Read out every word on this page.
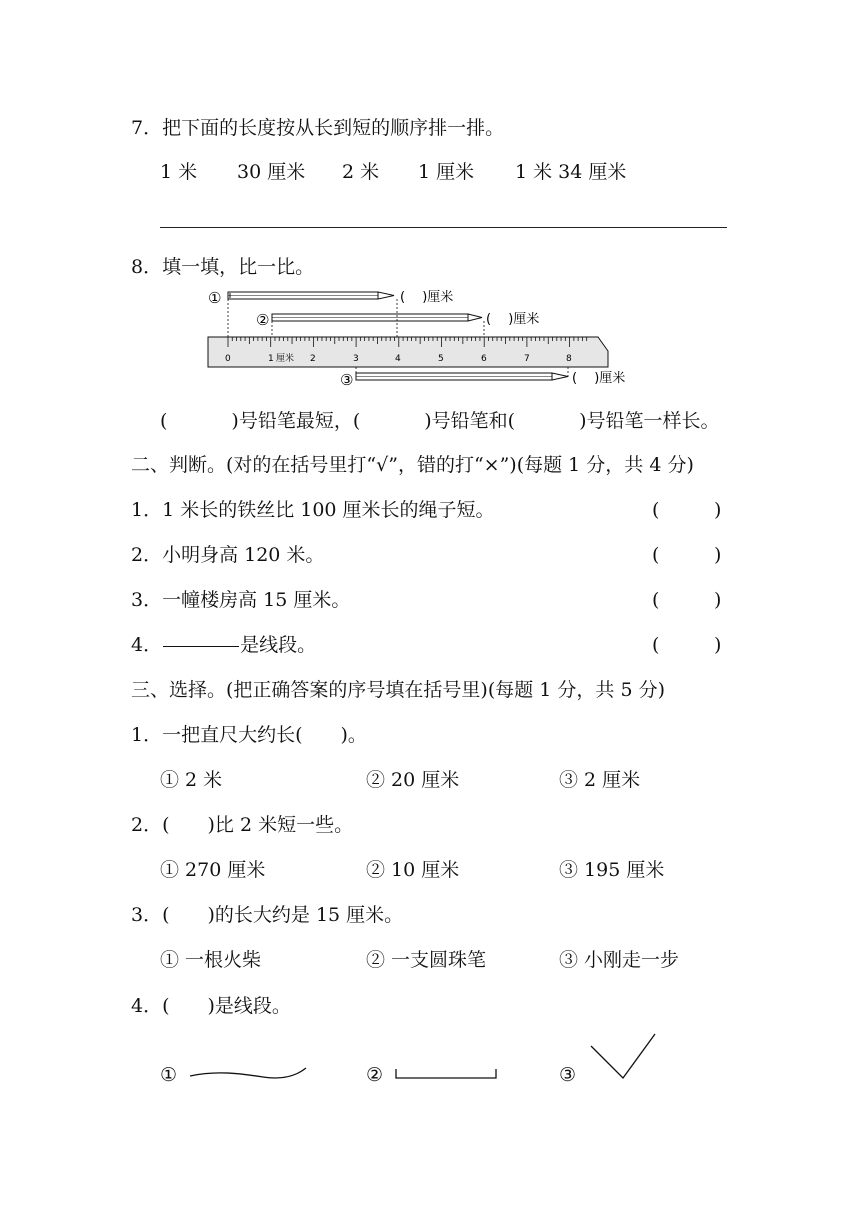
7．把下面的长度按从长到短的顺序排一排。
1 米 30 厘米 2 米 1 厘米 1 米 34 厘米
8．填一填，比一比。
①	(　 )厘米
②	(　 )厘米
0	1 厘米 2	3	4	5	6	7	8
③	(　 )厘米
(	)号铅笔最短，(	)号铅笔和(	)号铅笔一样长。
二、判断。(对的在括号里打“√”，错的打“×”)(每题 1 分，共 4 分)
1．1 米长的铁丝比 100 厘米长的绳子短。	(	)
2．小明身高 120 米。	(	)
3．一幢楼房高 15 厘米。	(	)
4．	是线段。	(	)
三、选择。(把正确答案的序号填在括号里)(每题 1 分，共 5 分)
1．一把直尺大约长(　　)。
① 2 米	② 20 厘米	③ 2 厘米
2．(　　)比 2 米短一些。
① 270 厘米	② 10 厘米	③ 195 厘米
3．(　　)的长大约是 15 厘米。
① 一根火柴	② 一支圆珠笔	③ 小刚走一步
4．(　　)是线段。
①	②	③
